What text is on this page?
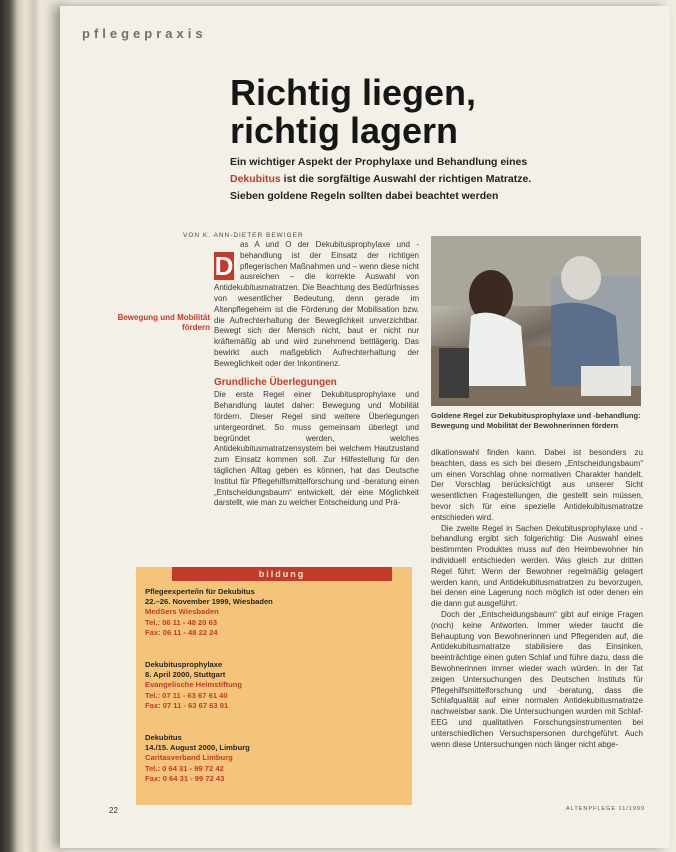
pflegepraxis
Richtig liegen,
richtig lagern

Ein wichtiger Aspekt der Prophylaxe und Behandlung eines
Dekubitus ist die sorgfältige Auswahl der richtigen Matratze.
Sieben goldene Regeln sollten dabei beachtet werden

VON K. ANN-DIETER BEWIGER
Bewegung und Mobilität fördern
D

as A und O der Dekubitusprophylaxe und -behandlung ist der Einsatz der richtigen pflegerischen Maßnahmen und – wenn diese nicht ausreichen – die korrekte Auswahl von Antidekubitusmatratzen. Die Beachtung des Bedürfnisses von wesentlicher Bedeutung, denn gerade im Altenpflegeheim ist die Förderung der Mobilisation bzw. die Aufrechterhaltung der Beweglichkeit unverzichtbar. Bewegt sich der Mensch nicht, baut er nicht nur kräftemäßig ab und wird zunehmend bettlägerig. Das bewirkt auch maßgeblich Aufrechterhaltung der Beweglichkeit oder der Inkontinenz.

Grundliche Überlegungen

Die erste Regel einer Dekubitusprophylaxe und Behandlung lautet daher: Bewegung und Mobilität fördern. Dieser Regel sind weitere Überlegungen untergeordnet. So muss gemeinsam überlegt und begründet werden, welches Antidekubitusmatratzensystem bei welchem Hautzustand zum Einsatz kommen soll. Zur Hilfestellung für den täglichen Alltag geben es können, hat das Deutsche Institut für Pflegehilfsmittelforschung und -beratung einen „Entscheidungsbaum“ entwickelt, der eine Möglichkeit darstellt, wie man zu welcher Entscheidung und Prä-

Goldene Regel zur Dekubitusprophylaxe und -behandlung: Bewegung und Mobilität der Bewohnerinnen fördern

dikationswahl finden kann. Dabei ist besonders zu beachten, dass es sich bei diesem „Entscheidungsbaum“ um einen Vorschlag ohne normativen Charakter handelt. Der Vorschlag berücksichtigt aus unserer Sicht wesentlichen Fragestellungen, die gestellt sein müssen, bevor sich für eine spezielle Antidekubitusmatratze entschieden wird.

Die zweite Regel in Sachen Dekubitusprophylaxe und -behandlung ergibt sich folgerichtig: Die Auswahl eines bestimmten Produktes muss auf den Heimbewohner hin individuell entschieden werden. Was gleich zur dritten Regel führt: Wenn der Bewohner regelmäßig gelagert werden kann, und Antidekubitusmatratzen zu bevorzugen, bei denen eine Lagerung noch möglich ist oder denen ein die dann gut ausgeführt.

Doch der „Entscheidungsbaum“ gibt auf einige Fragen (noch) keine Antworten. Immer wieder taucht die Behauptung von Bewohnerinnen und Pflegenden auf, die Antidekubitusmatratze stabilisiere das Einsinken, beeinträchtige einen guten Schlaf und führe dazu, dass die Bewohnerinnen immer wieder wach würden. In der Tat zeigen Untersuchungen des Deutschen Instituts für Pflegehilfsmittelforschung und -beratung, dass die Schlafqualität auf einer normalen Antidekubitusmatratze nachweisbar sank. Die Untersuchungen wurden mit Schlaf-EEG und qualitativen Forschungsinstrumenten bei unterschiedlichen Versuchspersonen durchgeführt. Auch wenn diese Untersuchungen noch länger nicht abge-

bildung
Pflegeexperte/in für Dekubitus
22.–26. November 1999, Wiesbaden
MedSers Wiesbaden
Tel.: 06 11 - 48 20 63
Fax: 06 11 - 48 22 24
Dekubitusprophylaxe
8. April 2000, Stuttgart
Evangelische Heimstiftung
Tel.: 07 11 - 63 67 61 40
Fax: 07 11 - 63 67 63 91
Dekubitus
14./15. August 2000, Limburg
Caritasverband Limburg
Tel.: 0 64 31 - 99 72 42
Fax: 0 64 31 - 99 72 43
22	ALTENPFLEGE 11/1999
